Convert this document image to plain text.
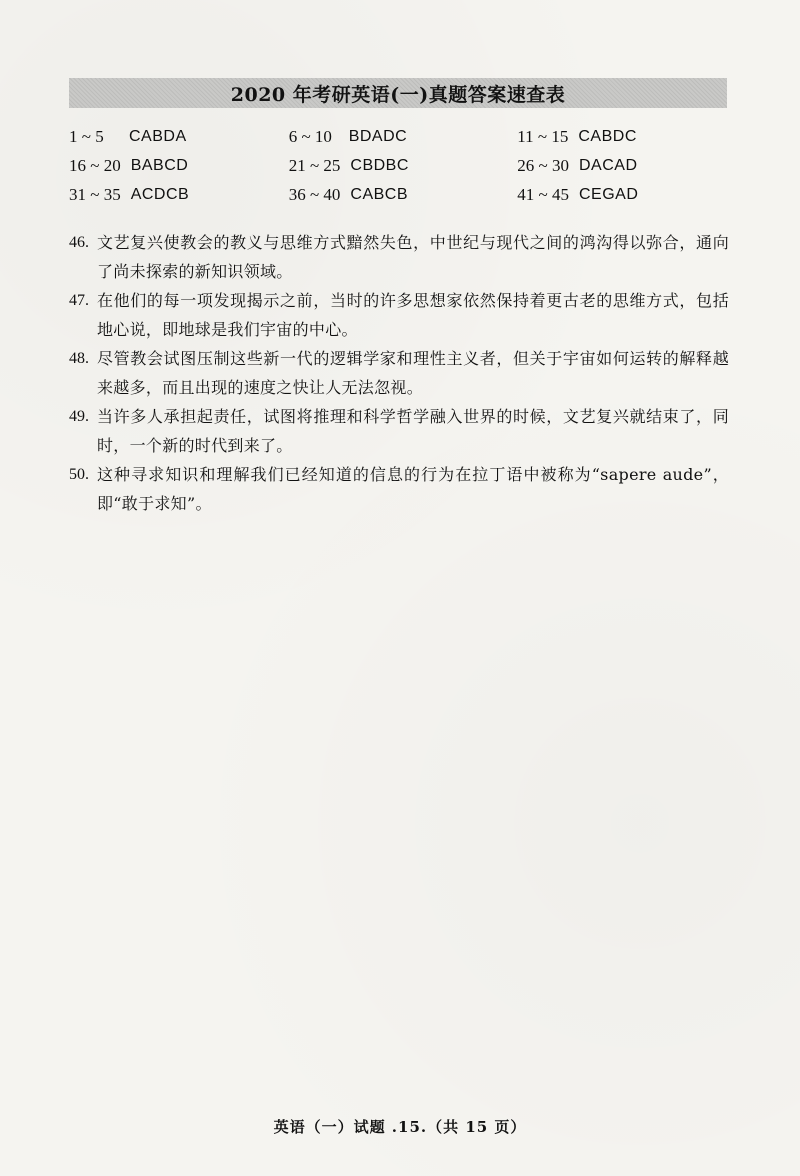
2020 年考研英语(一)真题答案速查表
1 ~ 5	CABDA	6 ~ 10	BDADC	11 ~ 15 CABDC
16 ~ 20 BABCD	21 ~ 25 CBDBC	26 ~ 30 DACAD
31 ~ 35 ACDCB	36 ~ 40 CABCB	41 ~ 45 CEGAD
46. 文艺复兴使教会的教义与思维方式黯然失色，中世纪与现代之间的鸿沟得以弥合，通向了尚未探索的新知识领域。
47. 在他们的每一项发现揭示之前，当时的许多思想家依然保持着更古老的思维方式，包括地心说，即地球是我们宇宙的中心。
48. 尽管教会试图压制这些新一代的逻辑学家和理性主义者，但关于宇宙如何运转的解释越来越多，而且出现的速度之快让人无法忽视。
49. 当许多人承担起责任，试图将推理和科学哲学融入世界的时候，文艺复兴就结束了，同时，一个新的时代到来了。
50. 这种寻求知识和理解我们已经知道的信息的行为在拉丁语中被称为“sapere aude”，即“敢于求知”。
英语（一）试题 .15.（共 15 页）
